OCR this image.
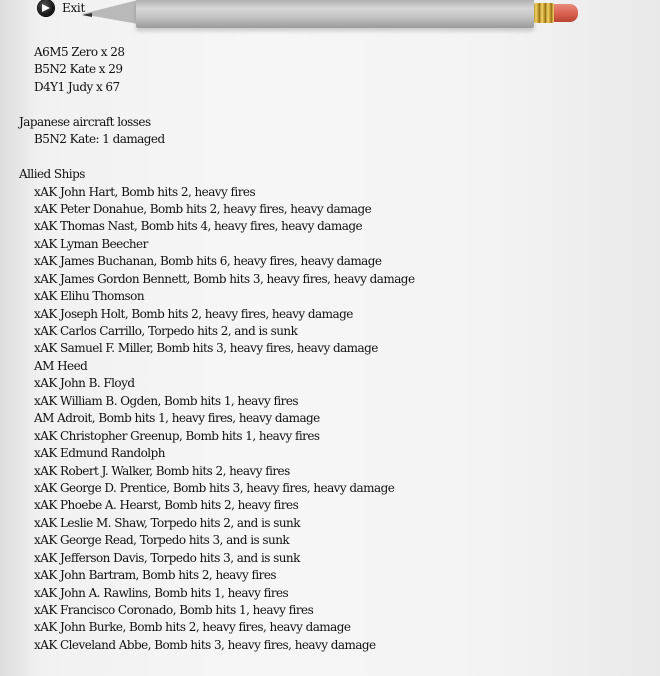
Exit
A6M5 Zero x 28
B5N2 Kate x 29
D4Y1 Judy x 67
Japanese aircraft losses
B5N2 Kate: 1 damaged
Allied Ships
xAK John Hart, Bomb hits 2, heavy fires
xAK Peter Donahue, Bomb hits 2, heavy fires, heavy damage
xAK Thomas Nast, Bomb hits 4, heavy fires, heavy damage
xAK Lyman Beecher
xAK James Buchanan, Bomb hits 6, heavy fires, heavy damage
xAK James Gordon Bennett, Bomb hits 3, heavy fires, heavy damage
xAK Elihu Thomson
xAK Joseph Holt, Bomb hits 2, heavy fires, heavy damage
xAK Carlos Carrillo, Torpedo hits 2, and is sunk
xAK Samuel F. Miller, Bomb hits 3, heavy fires, heavy damage
AM Heed
xAK John B. Floyd
xAK William B. Ogden, Bomb hits 1, heavy fires
AM Adroit, Bomb hits 1, heavy fires, heavy damage
xAK Christopher Greenup, Bomb hits 1, heavy fires
xAK Edmund Randolph
xAK Robert J. Walker, Bomb hits 2, heavy fires
xAK George D. Prentice, Bomb hits 3, heavy fires, heavy damage
xAK Phoebe A. Hearst, Bomb hits 2, heavy fires
xAK Leslie M. Shaw, Torpedo hits 2, and is sunk
xAK George Read, Torpedo hits 3, and is sunk
xAK Jefferson Davis, Torpedo hits 3, and is sunk
xAK John Bartram, Bomb hits 2, heavy fires
xAK John A. Rawlins, Bomb hits 1, heavy fires
xAK Francisco Coronado, Bomb hits 1, heavy fires
xAK John Burke, Bomb hits 2, heavy fires, heavy damage
xAK Cleveland Abbe, Bomb hits 3, heavy fires, heavy damage
